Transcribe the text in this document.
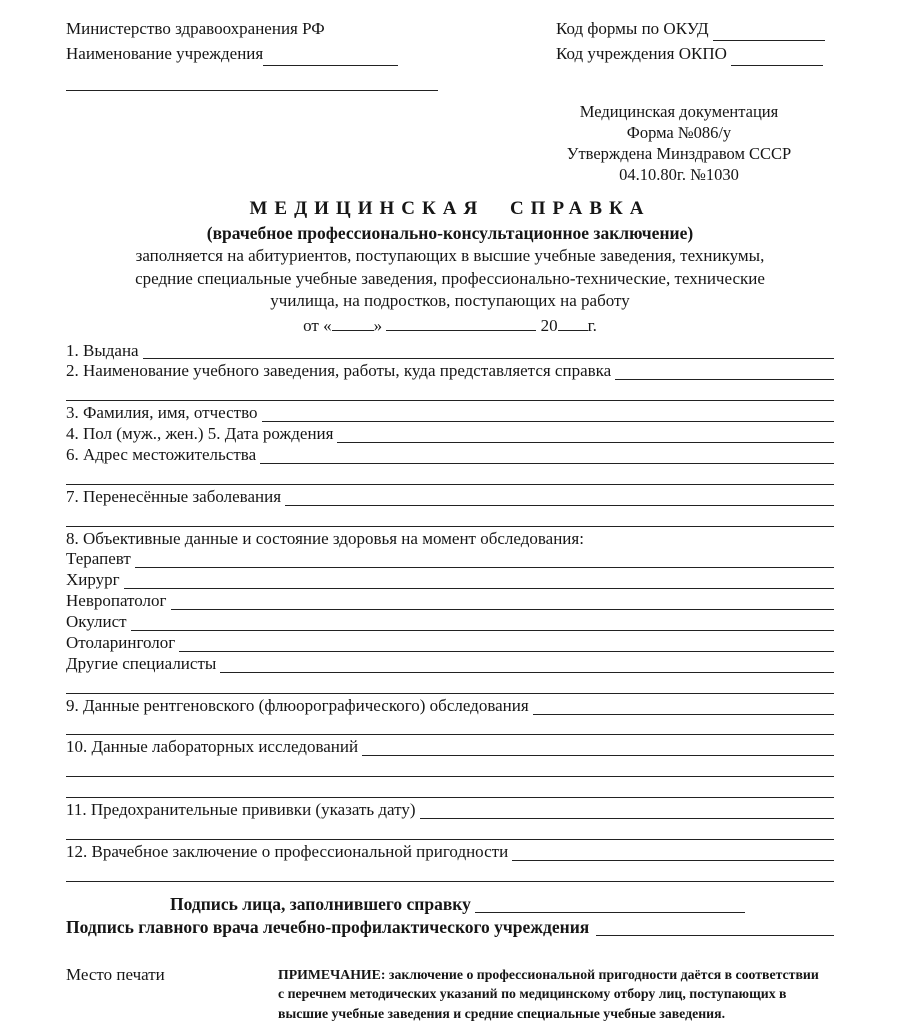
Министерство здравоохранения РФ
Наименование учреждения
Код формы по ОКУД

Код учреждения ОКПО

Медицинская документация
Форма №086/у
Утверждена Минздравом СССР
04.10.80г. №1030
МЕДИЦИНСКАЯ СПРАВКА
(врачебное профессионально-консультационное заключение)
заполняется на абитуриентов, поступающих в высшие учебные заведения, техникумы,
средние специальные учебные заведения, профессионально-технические, технические
училища, на подростков, поступающих на работу
от « »	20 г.
1. Выдана
2. Наименование учебного заведения, работы, куда представляется справка
3. Фамилия, имя, отчество
4. Пол (муж., жен.) 5. Дата рождения
6. Адрес местожительства
7. Перенесённые заболевания
8. Объективные данные и состояние здоровья на момент обследования:
Терапевт
Хирург
Невропатолог
Окулист
Отоларинголог
Другие специалисты
9. Данные рентгеновского (флюорографического) обследования
10. Данные лабораторных исследований
11. Предохранительные прививки (указать дату)
12. Врачебное заключение о профессиональной пригодности
Подпись лица, заполнившего справку

Подпись главного врача лечебно-профилактического учреждения

Место печати	ПРИМЕЧАНИЕ: заключение о профессиональной пригодности даётся в соответствии с перечнем методических указаний по медицинскому отбору лиц, поступающих в высшие учебные заведения и средние специальные учебные заведения.
